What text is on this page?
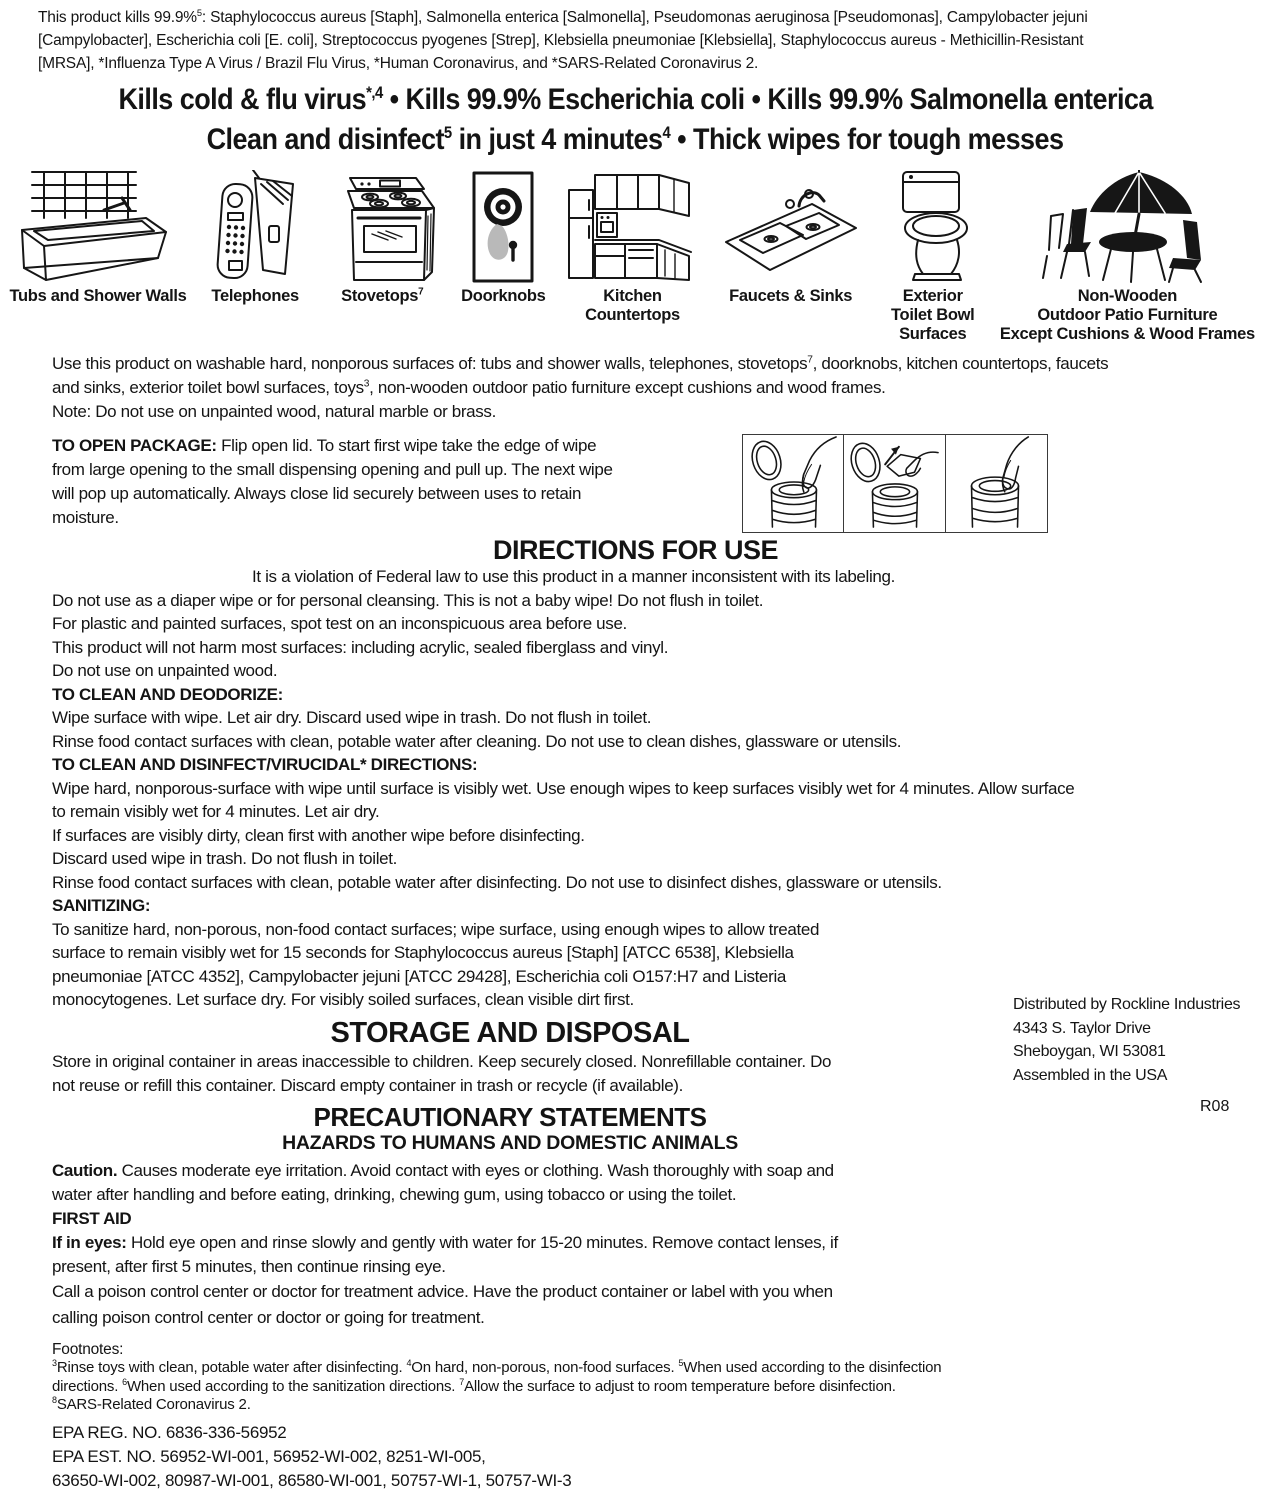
This product kills 99.9%$^5$: Staphylococcus aureus [Staph], Salmonella enterica [Salmonella], Pseudomonas aeruginosa [Pseudomonas], Campylobacter jejuni
[Campylobacter], Escherichia coli [E. coli], Streptococcus pyogenes [Strep], Klebsiella pneumoniae [Klebsiella], Staphylococcus aureus - Methicillin-Resistant
[MRSA], *Influenza Type A Virus / Brazil Flu Virus, *Human Coronavirus, and *SARS-Related Coronavirus 2.
Kills cold & flu virus$^{*,4}$ • Kills 99.9% Escherichia coli • Kills 99.9% Salmonella enterica
Clean and disinfect$^5$ in just 4 minutes$^4$ • Thick wipes for tough messes
Tubs and Shower Walls Telephones	Stovetops$^7$ Doorknobs	Kitchen
Countertops
Faucets & Sinks	Exterior
Toilet Bowl
Surfaces
Non-Wooden
Outdoor Patio Furniture
Except Cushions & Wood Frames
Use this product on washable hard, nonporous surfaces of: tubs and shower walls, telephones, stovetops$^7$, doorknobs, kitchen countertops, faucets
and sinks, exterior toilet bowl surfaces, toys$^3$, non-wooden outdoor patio furniture except cushions and wood frames.
Note: Do not use on unpainted wood, natural marble or brass.
TO OPEN PACKAGE: Flip open lid. To start first wipe take the edge of wipe
from large opening to the small dispensing opening and pull up. The next wipe
will pop up automatically. Always close lid securely between uses to retain
moisture.
DIRECTIONS FOR USE
It is a violation of Federal law to use this product in a manner inconsistent with its labeling.
Do not use as a diaper wipe or for personal cleansing. This is not a baby wipe! Do not flush in toilet.
For plastic and painted surfaces, spot test on an inconspicuous area before use.
This product will not harm most surfaces: including acrylic, sealed fiberglass and vinyl.
Do not use on unpainted wood.
TO CLEAN AND DEODORIZE:
Wipe surface with wipe. Let air dry. Discard used wipe in trash. Do not flush in toilet.
Rinse food contact surfaces with clean, potable water after cleaning. Do not use to clean dishes, glassware or utensils.
TO CLEAN AND DISINFECT/VIRUCIDAL* DIRECTIONS:
Wipe hard, nonporous-surface with wipe until surface is visibly wet. Use enough wipes to keep surfaces visibly wet for 4 minutes. Allow surface
to remain visibly wet for 4 minutes. Let air dry.
If surfaces are visibly dirty, clean first with another wipe before disinfecting.
Discard used wipe in trash. Do not flush in toilet.
Rinse food contact surfaces with clean, potable water after disinfecting. Do not use to disinfect dishes, glassware or utensils.
SANITIZING:
To sanitize hard, non-porous, non-food contact surfaces; wipe surface, using enough wipes to allow treated
surface to remain visibly wet for 15 seconds for Staphylococcus aureus [Staph] [ATCC 6538], Klebsiella
pneumoniae [ATCC 4352], Campylobacter jejuni [ATCC 29428], Escherichia coli O157:H7 and Listeria
monocytogenes. Let surface dry. For visibly soiled surfaces, clean visible dirt first.
STORAGE AND DISPOSAL
Store in original container in areas inaccessible to children. Keep securely closed. Nonrefillable container. Do
not reuse or refill this container. Discard empty container in trash or recycle (if available).
PRECAUTIONARY STATEMENTS
HAZARDS TO HUMANS AND DOMESTIC ANIMALS
Caution. Causes moderate eye irritation. Avoid contact with eyes or clothing. Wash thoroughly with soap and
water after handling and before eating, drinking, chewing gum, using tobacco or using the toilet.
FIRST AID
If in eyes: Hold eye open and rinse slowly and gently with water for 15-20 minutes. Remove contact lenses, if
present, after first 5 minutes, then continue rinsing eye.
Call a poison control center or doctor for treatment advice. Have the product container or label with you when
calling poison control center or doctor or going for treatment.
Footnotes:
$^3$Rinse toys with clean, potable water after disinfecting. $^4$On hard, non-porous, non-food surfaces. $^5$When used according to the disinfection
directions. $^6$When used according to the sanitization directions. $^7$Allow the surface to adjust to room temperature before disinfection.
$^8$SARS-Related Coronavirus 2.
EPA REG. NO. 6836-336-56952
EPA EST. NO. 56952-WI-001, 56952-WI-002, 8251-WI-005,
63650-WI-002, 80987-WI-001, 86580-WI-001, 50757-WI-1, 50757-WI-3
Distributed by Rockline Industries
4343 S. Taylor Drive
Sheboygan, WI 53081
Assembled in the USA
R08
